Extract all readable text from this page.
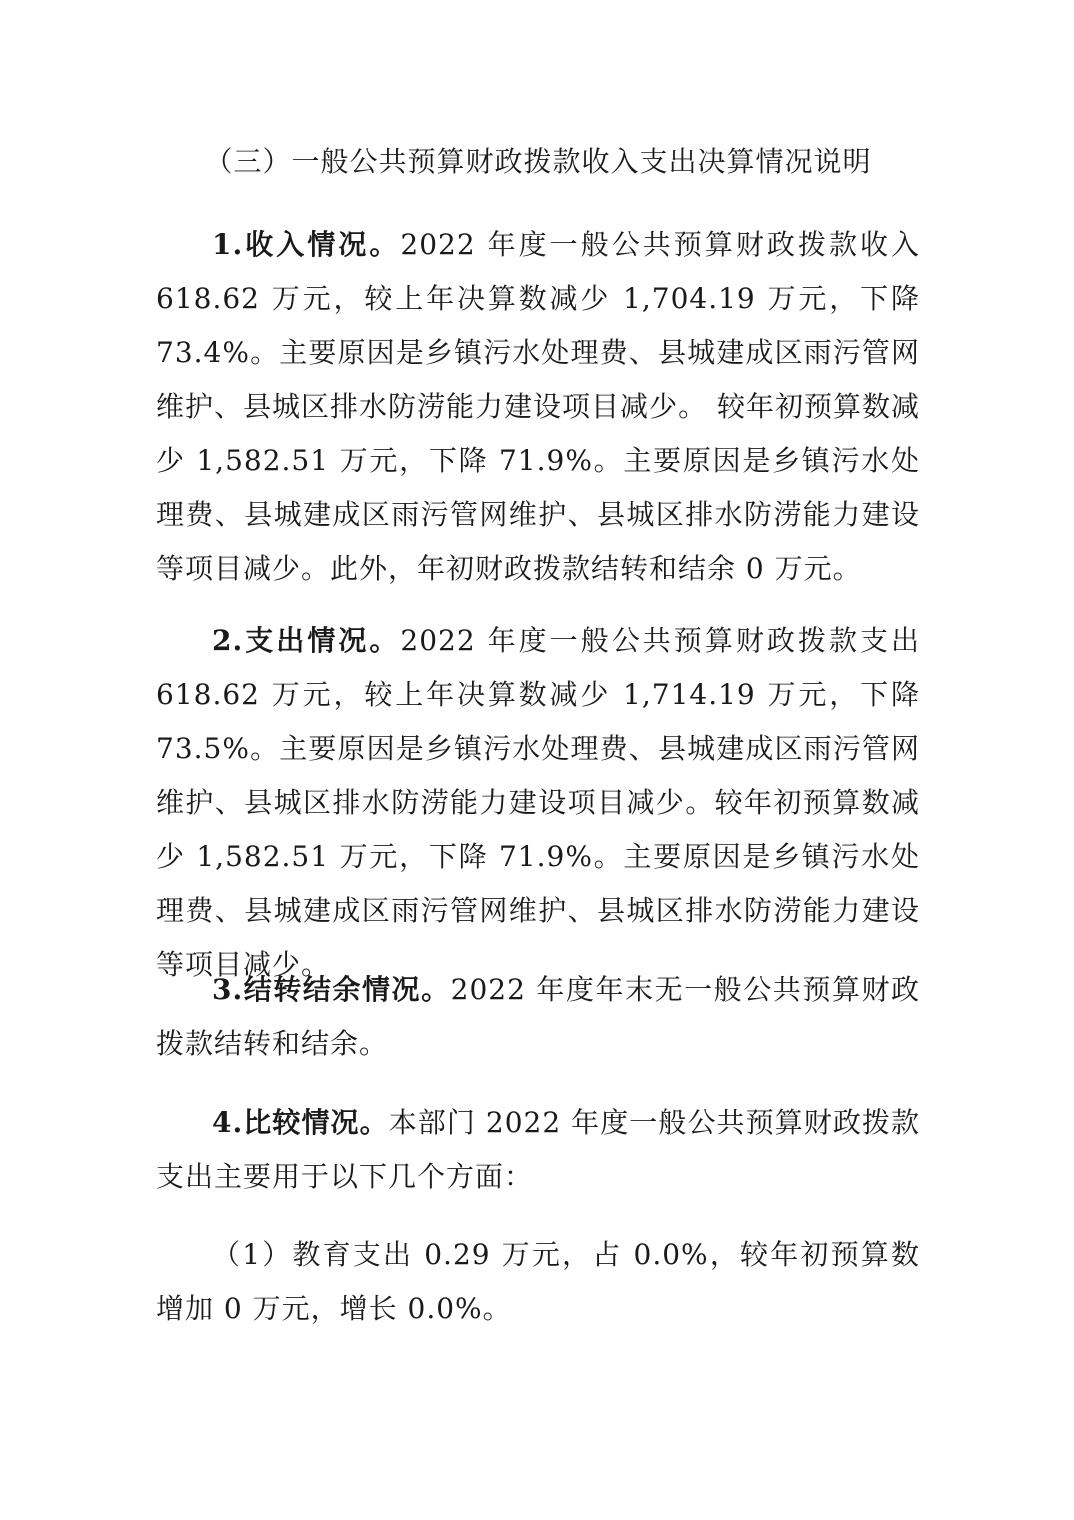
（三）一般公共预算财政拨款收入支出决算情况说明

1.收入情况。2022 年度一般公共预算财政拨款收入 618.62 万元，较上年决算数减少 1,704.19 万元，下降 73.4%。主要原因是乡镇污水处理费、县城建成区雨污管网维护、县城区排水防涝能力建设项目减少。 较年初预算数减少 1,582.51 万元，下降 71.9%。主要原因是乡镇污水处理费、县城建成区雨污管网维护、县城区排水防涝能力建设等项目减少。此外，年初财政拨款结转和结余 0 万元。

2.支出情况。2022 年度一般公共预算财政拨款支出 618.62 万元，较上年决算数减少 1,714.19 万元，下降 73.5%。主要原因是乡镇污水处理费、县城建成区雨污管网维护、县城区排水防涝能力建设项目减少。较年初预算数减少 1,582.51 万元，下降 71.9%。主要原因是乡镇污水处理费、县城建成区雨污管网维护、县城区排水防涝能力建设等项目减少。

3.结转结余情况。2022 年度年末无一般公共预算财政拨款结转和结余。

4.比较情况。本部门 2022 年度一般公共预算财政拨款支出主要用于以下几个方面：

（1）教育支出 0.29 万元，占 0.0%，较年初预算数增加 0 万元，增长 0.0%。
